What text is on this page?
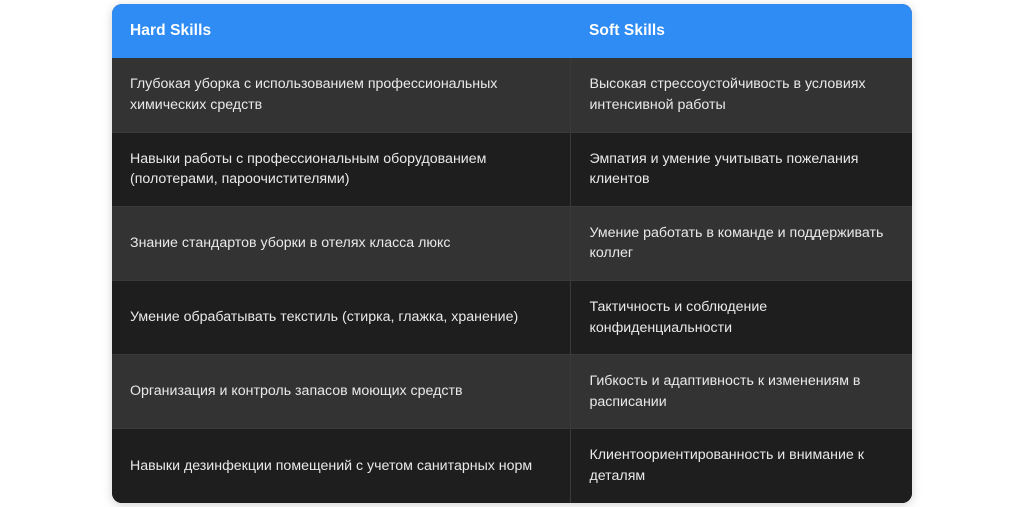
Hard Skills	Soft Skills
Глубокая уборка с использованием профессиональных химических средств	Высокая стрессоустойчивость в условиях интенсивной работы
Навыки работы с профессиональным оборудованием (полотерами, пароочистителями)	Эмпатия и умение учитывать пожелания клиентов
Знание стандартов уборки в отелях класса люкс	Умение работать в команде и поддерживать коллег
Умение обрабатывать текстиль (стирка, глажка, хранение)	Тактичность и соблюдение конфиденциальности
Организация и контроль запасов моющих средств	Гибкость и адаптивность к изменениям в расписании
Навыки дезинфекции помещений с учетом санитарных норм	Клиентоориентированность и внимание к деталям
